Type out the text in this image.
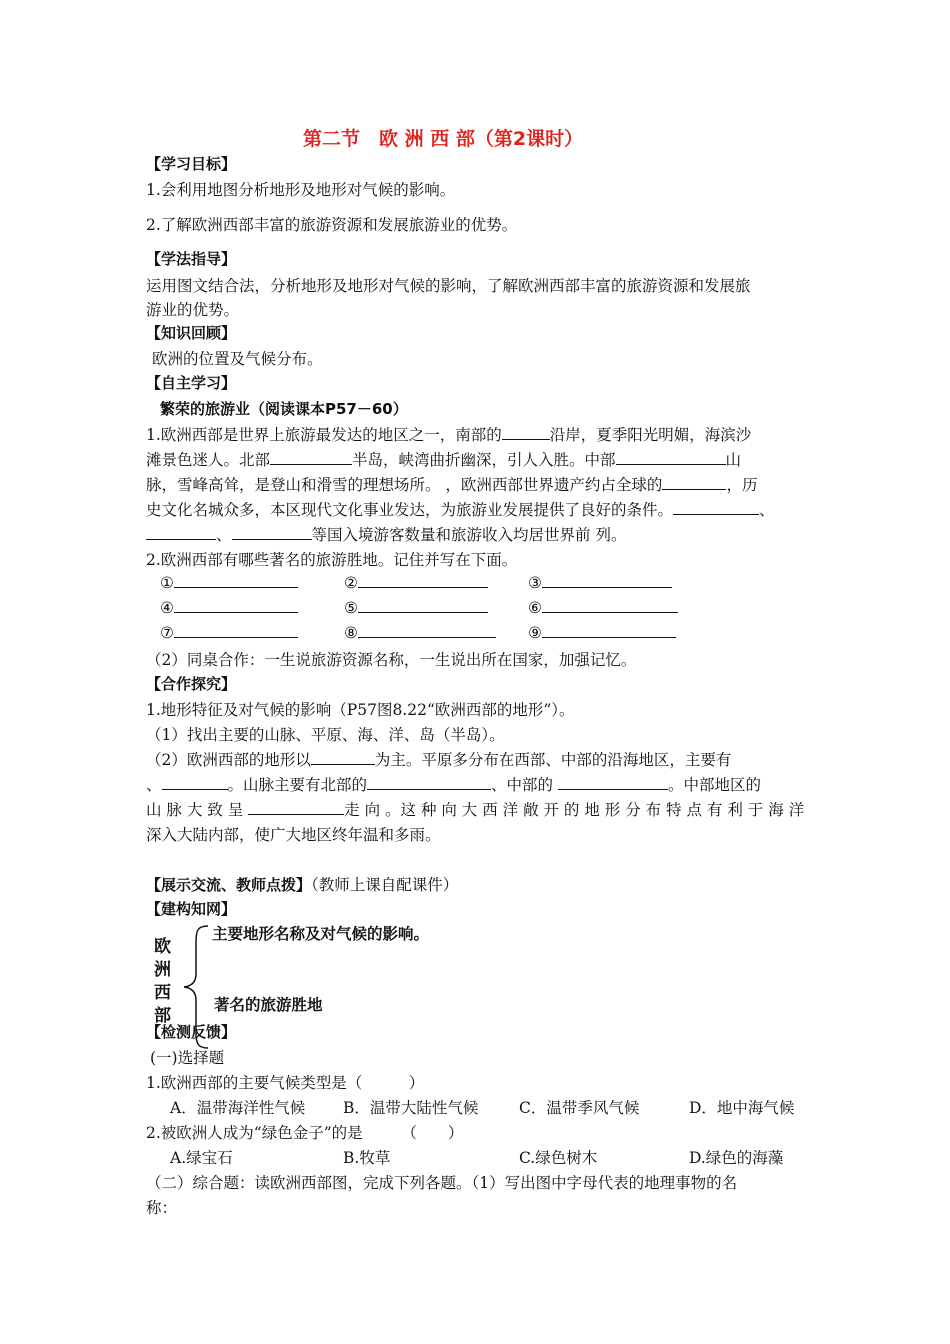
第二节　欧 洲 西 部（第2课时）
【学习目标】
1.会利用地图分析地形及地形对气候的影响。
2.了解欧洲西部丰富的旅游资源和发展旅游业的优势。
【学法指导】
运用图文结合法，分析地形及地形对气候的影响，了解欧洲西部丰富的旅游资源和发展旅
游业的优势。
【知识回顾】
欧洲的位置及气候分布。
【自主学习】
繁荣的旅游业（阅读课本P57－60）
1.欧洲西部是世界上旅游最发达的地区之一，南部的	沿岸，夏季阳光明媚，海滨沙
滩景色迷人。北部	半岛，峡湾曲折幽深，引人入胜。中部	山
脉，雪峰高耸，是登山和滑雪的理想场所。 ，欧洲西部世界遗产约占全球的	，历
史文化名城众多，本区现代文化事业发达，为旅游业发展提供了良好的条件。	、
、	等国入境游客数量和旅游收入均居世界前 列。
2.欧洲西部有哪些著名的旅游胜地。记住并写在下面。
①	②	③
④	⑤	⑥
⑦	⑧	⑨
（2）同桌合作：一生说旅游资源名称，一生说出所在国家，加强记忆。
【合作探究】
1.地形特征及对气候的影响（P57图8.22“欧洲西部的地形”）。
（1）找出主要的山脉、平原、海、洋、岛（半岛）。
（2）欧洲西部的地形以	为主。平原多分布在西部、中部的沿海地区，主要有
、	。山脉主要有北部的	、中部的	。中部地区的
山 脉 大 致 呈	走 向 。这 种 向 大 西 洋 敞 开 的 地 形 分 布 特 点 有 利 于 海 洋
深入大陆内部，使广大地区终年温和多雨。
【展示交流、教师点拨】（教师上课自配课件）
【建构知网】
欧
洲
西
部
主要地形名称及对气候的影响。
著名的旅游胜地
【检测反馈】
(一)选择题
1.欧洲西部的主要气候类型是（　　　）
A．温带海洋性气候 B．温带大陆性气候	C．温带季风气候	D．地中海气候
2.被欧洲人成为“绿色金子”的是　　　（　　）
A.绿宝石	B.牧草	C.绿色树木	D.绿色的海藻
（二）综合题：读欧洲西部图，完成下列各题。（1）写出图中字母代表的地理事物的名
称：
